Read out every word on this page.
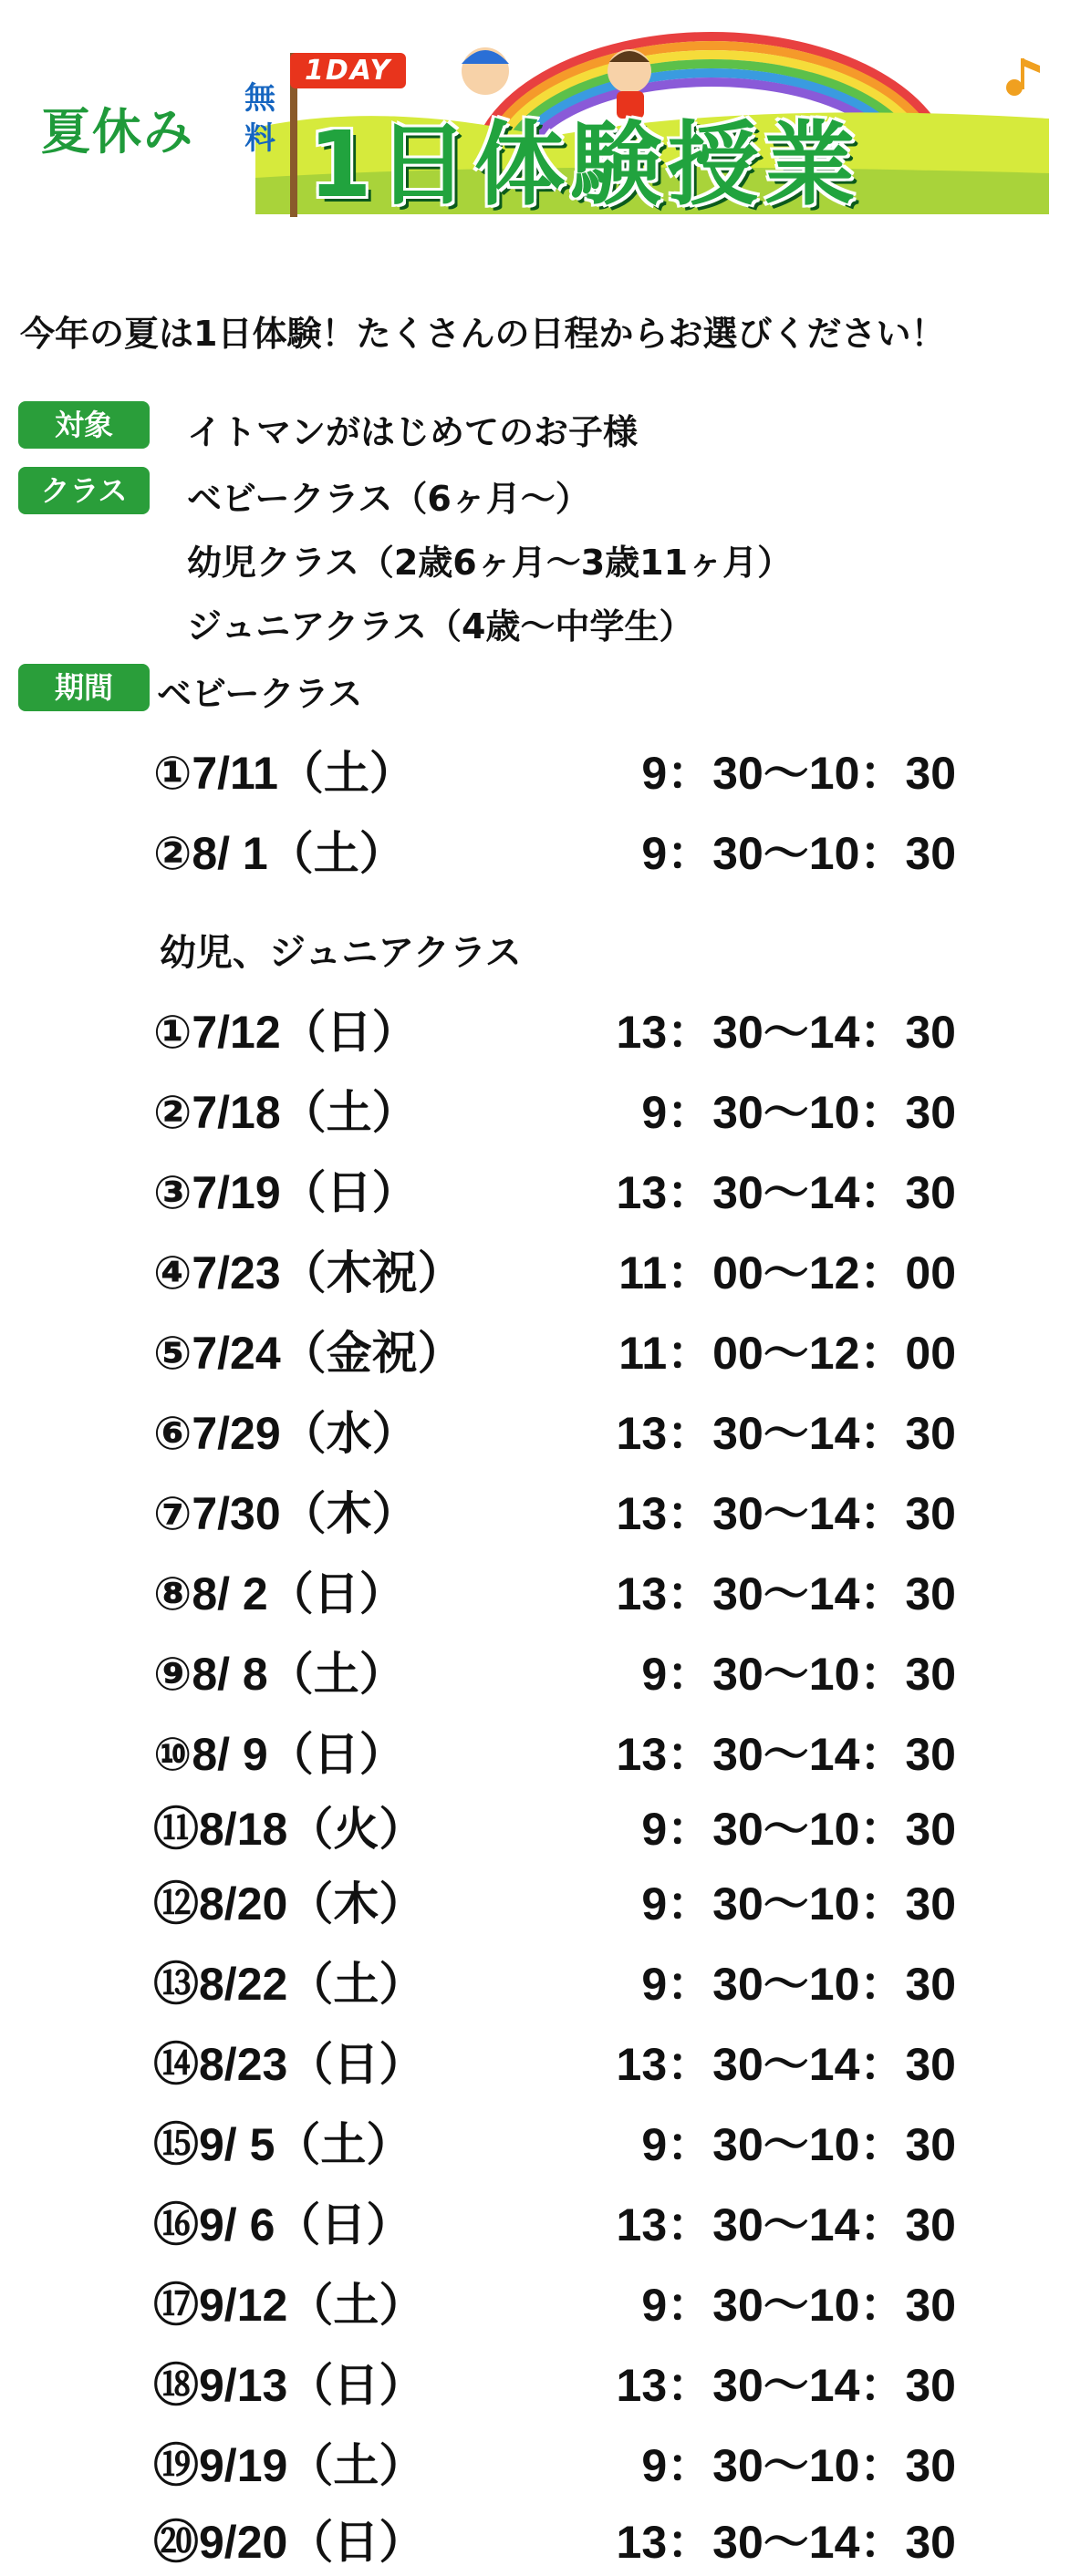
夏休み
無料
1DAY
1日体験授業
今年の夏は1日体験！たくさんの日程からお選びください！
対象	イトマンがはじめてのお子様
クラス	ベビークラス（6ヶ月～）
幼児クラス（2歳6ヶ月～3歳11ヶ月）
ジュニアクラス（4歳～中学生）
期間	ベビークラス
①7/11（土）	9：30～10：30
②8/ 1（土）	9：30～10：30
幼児、ジュニアクラス
①7/12（日）	13：30～14：30
②7/18（土）	9：30～10：30
③7/19（日）	13：30～14：30
④7/23（木祝）	11：00～12：00
⑤7/24（金祝）	11：00～12：00
⑥7/29（水）	13：30～14：30
⑦7/30（木）	13：30～14：30
⑧8/ 2（日）	13：30～14：30
⑨8/ 8（土）	9：30～10：30
⑩8/ 9（日）	13：30～14：30
⑪8/18（火）	9：30～10：30
⑫8/20（木）	9：30～10：30
⑬8/22（土）	9：30～10：30
⑭8/23（日）	13：30～14：30
⑮9/ 5（土）	9：30～10：30
⑯9/ 6（日）	13：30～14：30
⑰9/12（土）	9：30～10：30
⑱9/13（日）	13：30～14：30
⑲9/19（土）	9：30～10：30
⑳9/20（日）	13：30～14：30
